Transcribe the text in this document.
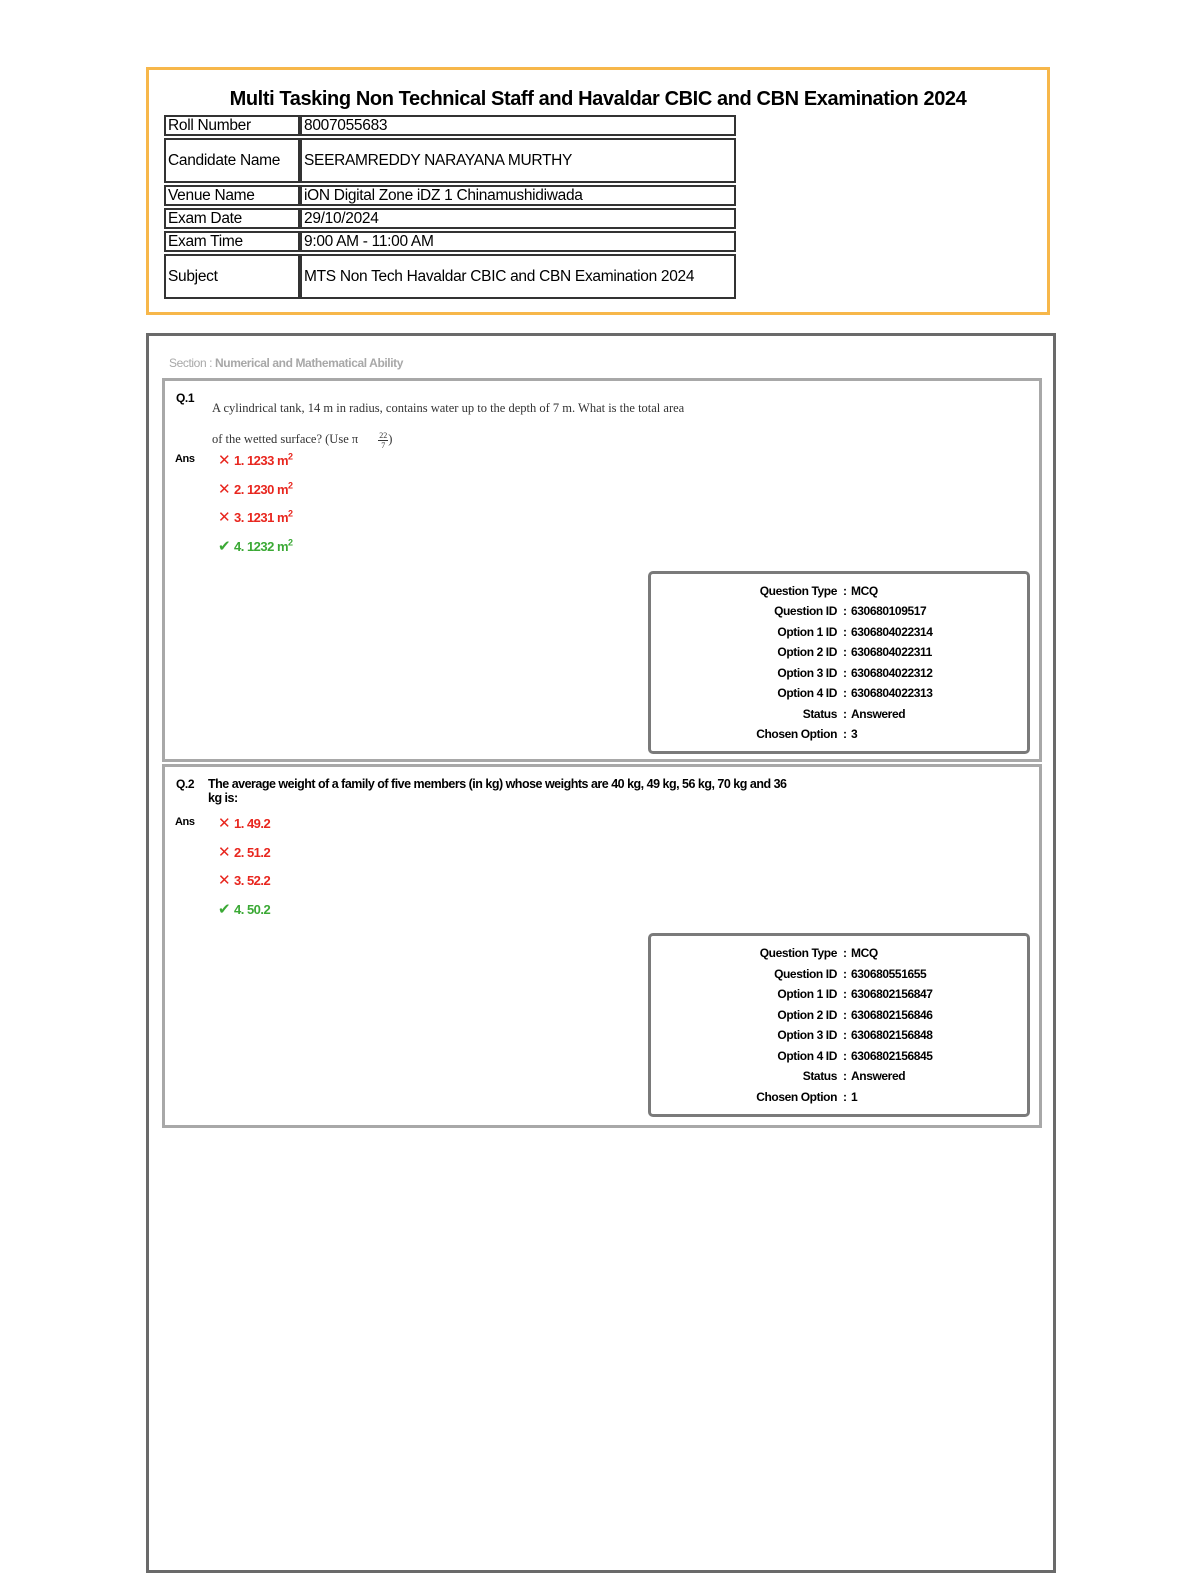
Multi Tasking Non Technical Staff and Havaldar CBIC and CBN Examination 2024
Roll Number	8007055683
Candidate Name	SEERAMREDDY NARAYANA MURTHY
Venue Name	iON Digital Zone iDZ 1 Chinamushidiwada
Exam Date	29/10/2024
Exam Time	9:00 AM - 11:00 AM
Subject	MTS Non Tech Havaldar CBIC and CBN Examination 2024
Section : Numerical and Mathematical Ability
Q.1
A cylindrical tank, 14 m in radius, contains water up to the depth of 7 m. What is the total area
of the wetted surface? (Use π	$\frac{22}{7}$)
Ans ✕ 1. 1233 $m^2$
✕ 2. 1230 $m^2$
✕ 3. 1231 $m^2$
✔ 4. 1232 $m^2$
Question Type : MCQ
Question ID : 630680109517
Option 1 ID : 6306804022314
Option 2 ID : 6306804022311
Option 3 ID : 6306804022312
Option 4 ID : 6306804022313
Status : Answered
Chosen Option : 3
Q.2 The average weight of a family of five members (in kg) whose weights are 40 kg, 49 kg, 56 kg, 70 kg and 36 kg is:
Ans ✕ 1. 49.2
✕ 2. 51.2
✕ 3. 52.2
✔ 4. 50.2
Question Type : MCQ
Question ID : 630680551655
Option 1 ID : 6306802156847
Option 2 ID : 6306802156846
Option 3 ID : 6306802156848
Option 4 ID : 6306802156845
Status : Answered
Chosen Option : 1
